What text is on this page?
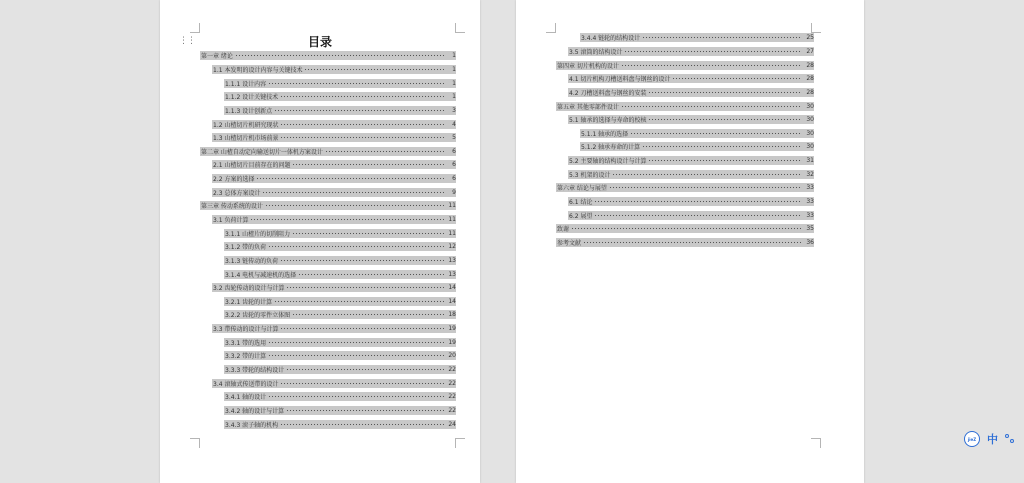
⋮⋮	目录
第一章 绪论	1
1.1 本发明的设计内容与关键技术	1
1.1.1 设计内容	1
1.1.2 设计关键技术	1
1.1.3 设计创新点	3
1.2 山楂切片机研究现状	4
1.3 山楂切片机市场前景	5
第二章 山楂自动定向输送切片一体机方案设计	6
2.1 山楂切片目前存在的问题	6
2.2 方案的选择	6
2.3 总体方案设计	9
第三章 传动系统的设计	11
3.1 负荷计算	11
3.1.1 山楂片的切削阻力	11
3.1.2 带的负荷	12
3.1.3 链传动的负荷	13
3.1.4 电机与减速机的选择	13
3.2 齿轮传动的设计与计算	14
3.2.1 齿轮的计算	14
3.2.2 齿轮的零件立体图	18
3.3 带传动的设计与计算	19
3.3.1 带的选用	19
3.3.2 带的计算	20
3.3.3 带轮的结构设计	22
3.4 滚轴式传送带的设计	22
3.4.1 轴的设计	22
3.4.2 轴的设计与计算	22
3.4.3 滚子轴的机构	24
3.4.4 链轮的结构设计	25
3.5 滚筒的结构设计	27
第四章 切片机构的设计	28
4.1 切片机构刀槽送料盘与钢丝的设计	28
4.2 刀槽送料盘与钢丝的安装	28
第五章 其他零部件设计	30
5.1 轴承的选择与寿命的校核	30
5.1.1 轴承的选择	30
5.1.2 轴承寿命的计算	30
5.2 主要轴的结构设计与计算	31
5.3 机架的设计	32
第六章 结论与展望	33
6.1 结论	33
6.2 展望	33
致谢	35
参考文献	36
jieZ 中
